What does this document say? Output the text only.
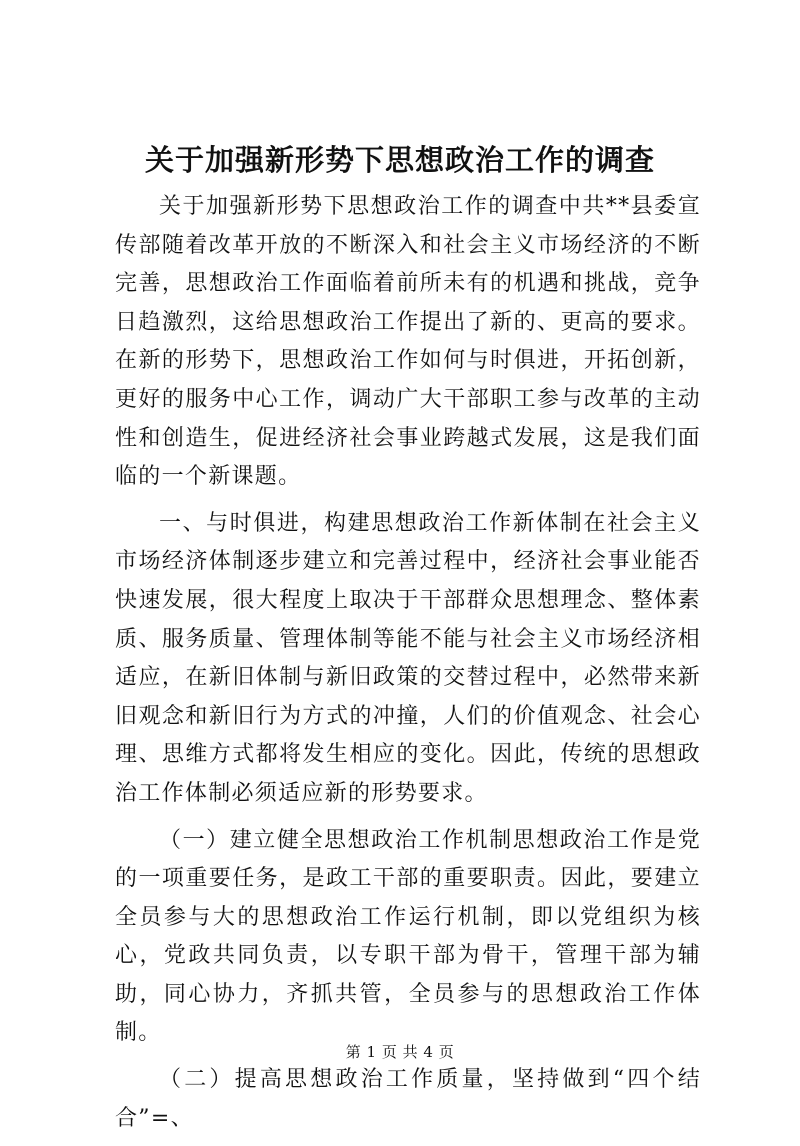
关于加强新形势下思想政治工作的调查

关于加强新形势下思想政治工作的调查中共**县委宣传部随着改革开放的不断深入和社会主义市场经济的不断完善，思想政治工作面临着前所未有的机遇和挑战，竞争日趋激烈，这给思想政治工作提出了新的、更高的要求。在新的形势下，思想政治工作如何与时俱进，开拓创新，更好的服务中心工作，调动广大干部职工参与改革的主动性和创造生，促进经济社会事业跨越式发展，这是我们面临的一个新课题。

一、与时俱进，构建思想政治工作新体制在社会主义市场经济体制逐步建立和完善过程中，经济社会事业能否快速发展，很大程度上取决于干部群众思想理念、整体素质、服务质量、管理体制等能不能与社会主义市场经济相适应，在新旧体制与新旧政策的交替过程中，必然带来新旧观念和新旧行为方式的冲撞，人们的价值观念、社会心理、思维方式都将发生相应的变化。因此，传统的思想政治工作体制必须适应新的形势要求。

（一）建立健全思想政治工作机制思想政治工作是党的一项重要任务，是政工干部的重要职责。因此，要建立全员参与大的思想政治工作运行机制，即以党组织为核心，党政共同负责，以专职干部为骨干，管理干部为辅助，同心协力，齐抓共管，全员参与的思想政治工作体制。

（二）提高思想政治工作质量，坚持做到“四个结合”=、

第 1 页 共 4 页
